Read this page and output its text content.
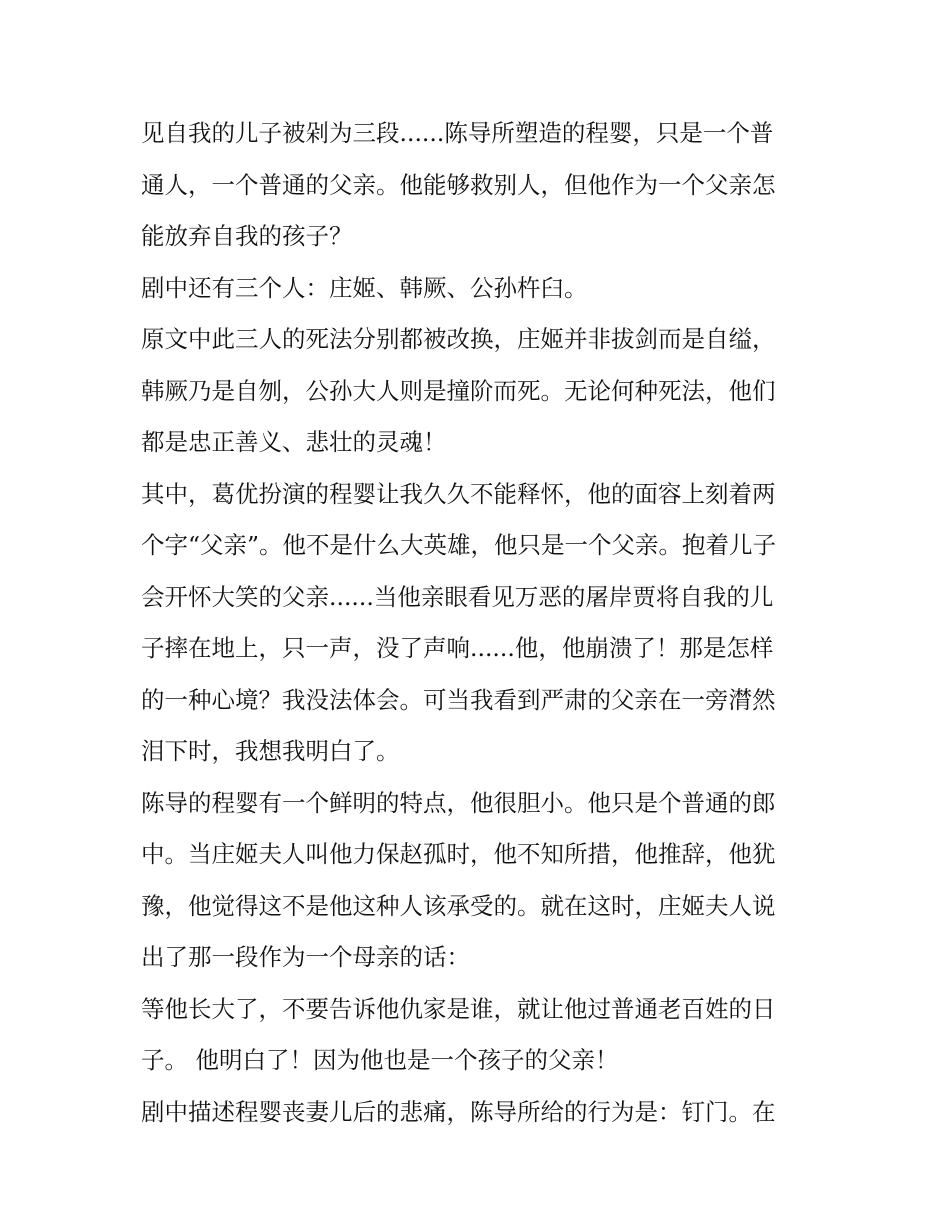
见自我的儿子被剁为三段......陈导所塑造的程婴，只是一个普
通人，一个普通的父亲。他能够救别人，但他作为一个父亲怎
能放弃自我的孩子？
剧中还有三个人：庄姬、韩厥、公孙杵臼。
原文中此三人的死法分别都被改换，庄姬并非拔剑而是自缢，
韩厥乃是自刎，公孙大人则是撞阶而死。无论何种死法，他们
都是忠正善义、悲壮的灵魂！
其中，葛优扮演的程婴让我久久不能释怀，他的面容上刻着两
个字“父亲”。他不是什么大英雄，他只是一个父亲。抱着儿子
会开怀大笑的父亲......当他亲眼看见万恶的屠岸贾将自我的儿
子摔在地上，只一声，没了声响......他，他崩溃了！那是怎样
的一种心境？我没法体会。可当我看到严肃的父亲在一旁潸然
泪下时，我想我明白了。
陈导的程婴有一个鲜明的特点，他很胆小。他只是个普通的郎
中。当庄姬夫人叫他力保赵孤时，他不知所措，他推辞，他犹
豫，他觉得这不是他这种人该承受的。就在这时，庄姬夫人说
出了那一段作为一个母亲的话：
等他长大了，不要告诉他仇家是谁，就让他过普通老百姓的日
子。 他明白了！因为他也是一个孩子的父亲！
剧中描述程婴丧妻儿后的悲痛，陈导所给的行为是：钉门。在
